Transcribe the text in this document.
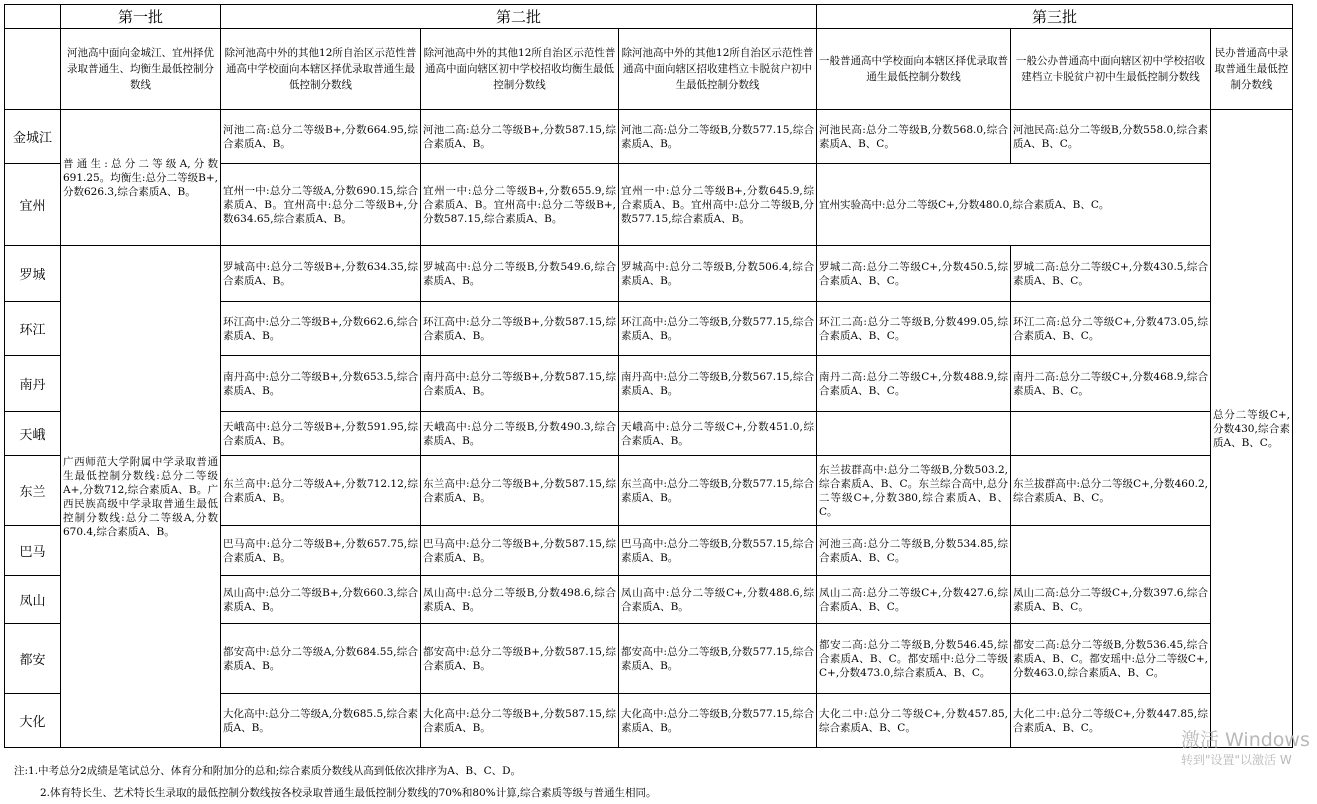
	第一批	第二批			第三批		
	河池高中面向金城江、宜州择优录取普通生、均衡生最低控制分数线	除河池高中外的其他12所自治区示范性普通高中学校面向本辖区择优录取普通生最低控制分数线	除河池高中外的其他12所自治区示范性普通高中面向辖区初中学校招收均衡生最低控制分数线	除河池高中外的其他12所自治区示范性普通高中面向辖区招收建档立卡脱贫户初中生最低控制分数线	一般普通高中学校面向本辖区择优录取普通生最低控制分数线	一般公办普通高中面向辖区初中学校招收建档立卡脱贫户初中生最低控制分数线	民办普通高中录取普通生最低控制分数线
金城江	普通生:总分二等级A,分数691.25。均衡生:总分二等级B+,分数626.3,综合素质A、B。	河池二高:总分二等级B+,分数664.95,综合素质A、B。	河池二高:总分二等级B+,分数587.15,综合素质A、B。	河池二高:总分二等级B,分数577.15,综合素质A、B。	河池民高:总分二等级B,分数568.0,综合素质A、B、C。	河池民高:总分二等级B,分数558.0,综合素质A、B、C。	总分二等级C+,分数430,综合素质A、B、C。
宜州		宜州一中:总分二等级A,分数690.15,综合素质A、B。宜州高中:总分二等级B+,分数634.65,综合素质A、B。	宜州一中:总分二等级B+,分数655.9,综合素质A、B。宜州高中:总分二等级B+,分数587.15,综合素质A、B。	宜州一中:总分二等级B+,分数645.9,综合素质A、B。宜州高中:总分二等级B,分数577.15,综合素质A、B。	宜州实验高中:总分二等级C+,分数480.0,综合素质A、B、C。		
罗城	广西师范大学附属中学录取普通生最低控制分数线:总分二等级A+,分数712,综合素质A、B。广西民族高级中学录取普通生最低控制分数线:总分二等级A,分数670.4,综合素质A、B。	罗城高中:总分二等级B+,分数634.35,综合素质A、B。	罗城高中:总分二等级B,分数549.6,综合素质A、B。	罗城高中:总分二等级B,分数506.4,综合素质A、B。	罗城二高:总分二等级C+,分数450.5,综合素质A、B、C。	罗城二高:总分二等级C+,分数430.5,综合素质A、B、C。	
环江		环江高中:总分二等级B+,分数662.6,综合素质A、B。	环江高中:总分二等级B+,分数587.15,综合素质A、B。	环江高中:总分二等级B,分数577.15,综合素质A、B。	环江二高:总分二等级B,分数499.05,综合素质A、B、C。	环江二高:总分二等级C+,分数473.05,综合素质A、B、C。	
南丹		南丹高中:总分二等级B+,分数653.5,综合素质A、B。	南丹高中:总分二等级B+,分数587.15,综合素质A、B。	南丹高中:总分二等级B,分数567.15,综合素质A、B。	南丹二高:总分二等级C+,分数488.9,综合素质A、B、C。	南丹二高:总分二等级C+,分数468.9,综合素质A、B、C。	
天峨		天峨高中:总分二等级B+,分数591.95,综合素质A、B。	天峨高中:总分二等级B,分数490.3,综合素质A、B。	天峨高中:总分二等级C+,分数451.0,综合素质A、B。			
东兰		东兰高中:总分二等级A+,分数712.12,综合素质A、B。	东兰高中:总分二等级B+,分数587.15,综合素质A、B。	东兰高中:总分二等级B,分数577.15,综合素质A、B。	东兰拔群高中:总分二等级B,分数503.2,综合素质A、B、C。东兰综合高中,总分二等级C+,分数380,综合素质A、B、C。	东兰拔群高中:总分二等级C+,分数460.2,综合素质A、B、C。	
巴马		巴马高中:总分二等级B+,分数657.75,综合素质A、B。	巴马高中:总分二等级B+,分数587.15,综合素质A、B。	巴马高中:总分二等级B,分数557.15,综合素质A、B。	河池三高:总分二等级B,分数534.85,综合素质A、B、C。		
凤山		凤山高中:总分二等级B+,分数660.3,综合素质A、B。	凤山高中:总分二等级B,分数498.6,综合素质A、B。	凤山高中:总分二等级C+,分数488.6,综合素质A、B。	凤山二高:总分二等级C+,分数427.6,综合素质A、B、C。	凤山二高:总分二等级C+,分数397.6,综合素质A、B、C。	
都安		都安高中:总分二等级A,分数684.55,综合素质A、B。	都安高中:总分二等级B+,分数587.15,综合素质A、B。	都安高中:总分二等级B,分数577.15,综合素质A、B。	都安二高:总分二等级B,分数546.45,综合素质A、B、C。都安瑶中:总分二等级C+,分数473.0,综合素质A、B、C。	都安二高:总分二等级B,分数536.45,综合素质A、B、C。都安瑶中:总分二等级C+,分数463.0,综合素质A、B、C。	
大化		大化高中:总分二等级A,分数685.5,综合素质A、B。	大化高中:总分二等级B+,分数587.15,综合素质A、B。	大化高中:总分二等级B,分数577.15,综合素质A、B。	大化二中:总分二等级C+,分数457.85,综合素质A、B、C。	大化二中:总分二等级C+,分数447.85,综合素质A、B、C。	
注:1.中考总分2成绩是笔试总分、体育分和附加分的总和;综合素质分数线从高到低依次排序为A、B、C、D。
2.体育特长生、艺术特长生录取的最低控制分数线按各校录取普通生最低控制分数线的70%和80%计算,综合素质等级与普通生相同。
激活 Windows
转到"设置"以激活 W
